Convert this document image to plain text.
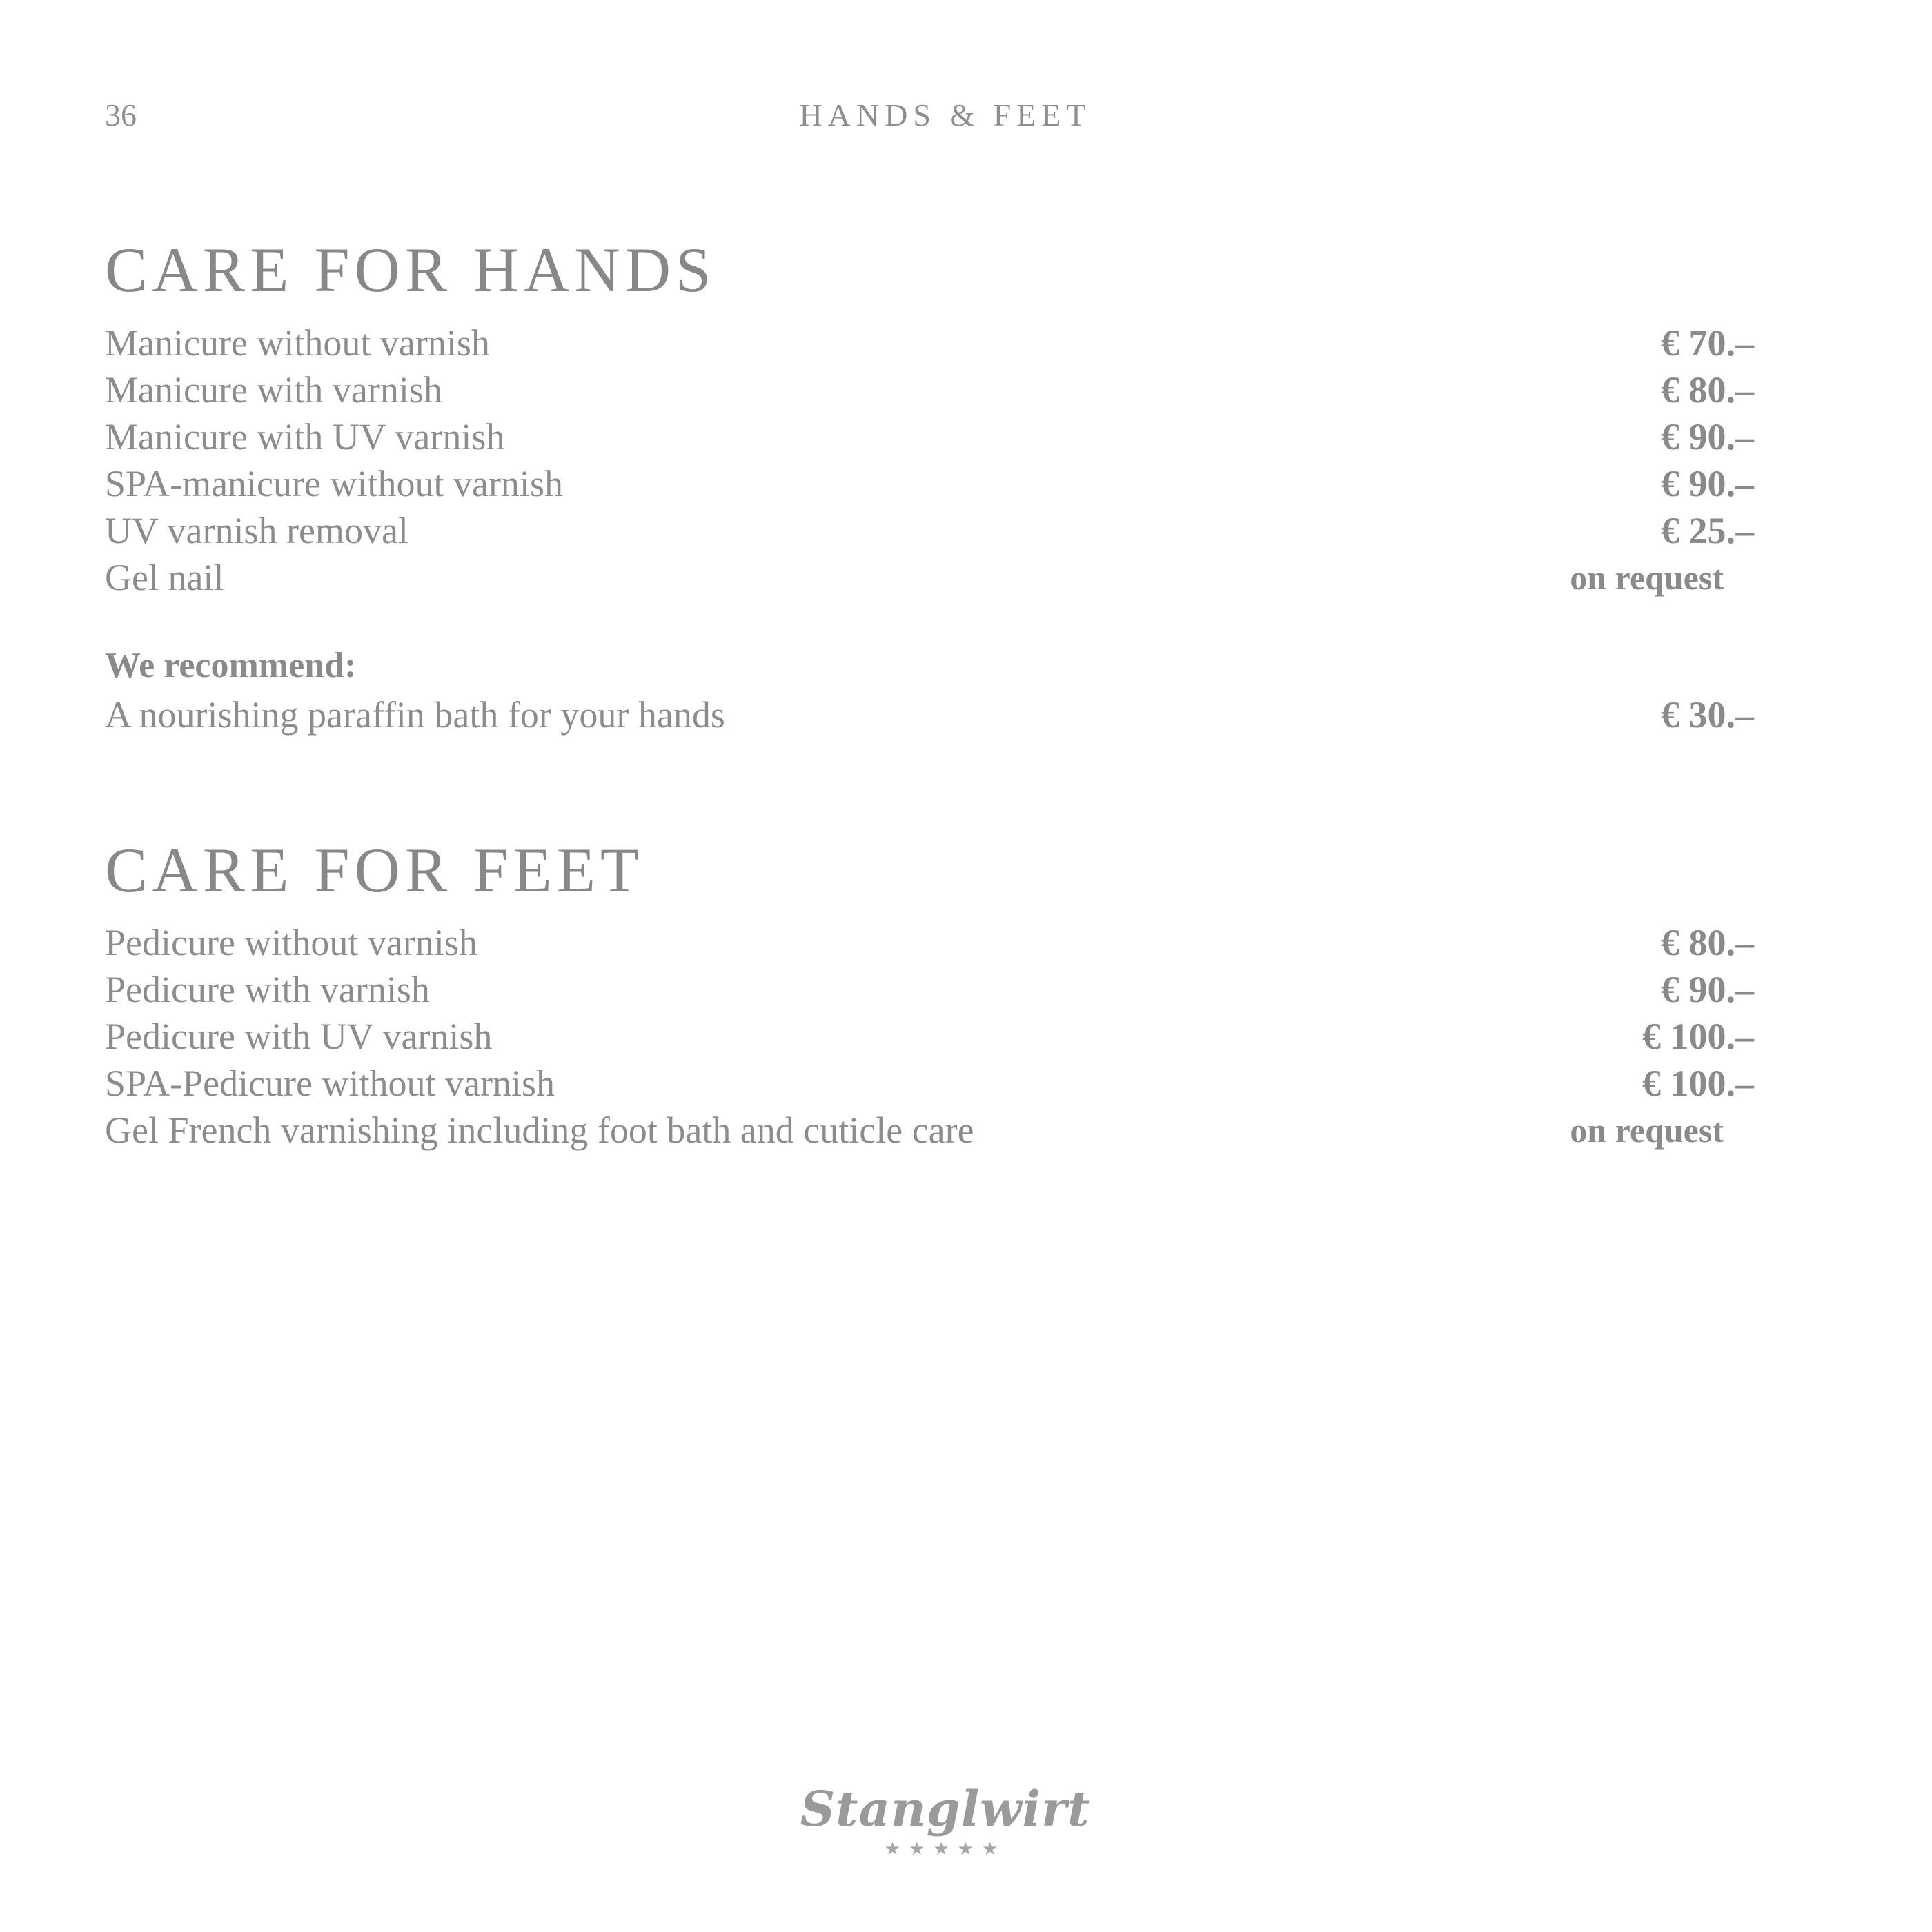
36	HANDS & FEET
CARE FOR HANDS
Manicure without varnish	€ 70.–
Manicure with varnish	€ 80.–
Manicure with UV varnish	€ 90.–
SPA-manicure without varnish	€ 90.–
UV varnish removal	€ 25.–
Gel nail	on request
We recommend:
A nourishing paraffin bath for your hands	€ 30.–
CARE FOR FEET
Pedicure without varnish	€ 80.–
Pedicure with varnish	€ 90.–
Pedicure with UV varnish	€ 100.–
SPA-Pedicure without varnish	€ 100.–
Gel French varnishing including foot bath and cuticle care	on request
Stanglwirt
★★★★★
